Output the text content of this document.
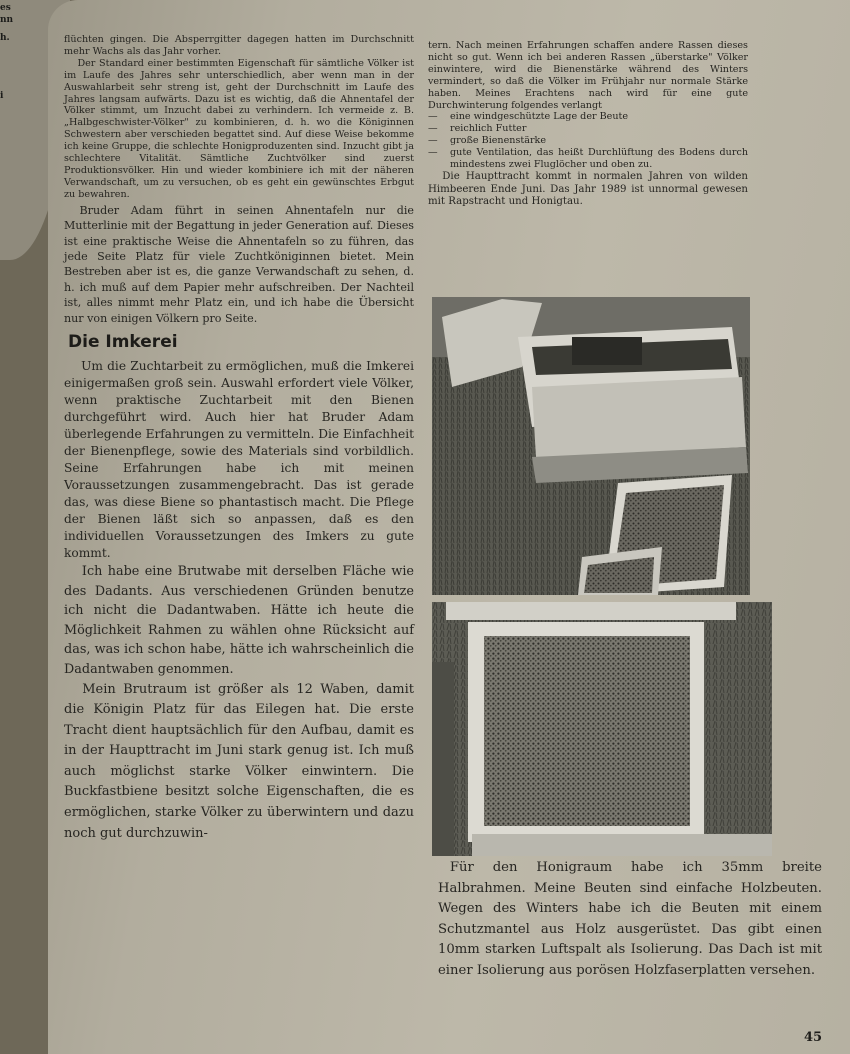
es
nn
h.
i

flüchten gingen. Die Absperrgitter dagegen hatten im Durchschnitt mehr Wachs als das Jahr vorher.

Der Standard einer bestimmten Eigenschaft für sämtliche Völker ist im Laufe des Jahres sehr unterschiedlich, aber wenn man in der Auswahlarbeit sehr streng ist, geht der Durchschnitt im Laufe des Jahres langsam aufwärts. Dazu ist es wichtig, daß die Ahnentafel der Völker stimmt, um Inzucht dabei zu verhindern. Ich vermeide z. B. „Halbgeschwister-Völker" zu kombinieren, d. h. wo die Königinnen Schwestern aber verschieden begattet sind. Auf diese Weise bekomme ich keine Gruppe, die schlechte Honigproduzenten sind. Inzucht gibt ja schlechtere Vitalität. Sämtliche Zuchtvölker sind zuerst Produktionsvölker. Hin und wieder kombiniere ich mit der näheren Verwandschaft, um zu versuchen, ob es geht ein gewünschtes Erbgut zu bewahren.

Bruder Adam führt in seinen Ahnentafeln nur die Mutterlinie mit der Begattung in jeder Generation auf. Dieses ist eine praktische Weise die Ahnentafeln so zu führen, das jede Seite Platz für viele Zuchtköniginnen bietet. Mein Bestreben aber ist es, die ganze Verwandschaft zu sehen, d. h. ich muß auf dem Papier mehr aufschreiben. Der Nachteil ist, alles nimmt mehr Platz ein, und ich habe die Übersicht nur von einigen Völkern pro Seite.

Die Imkerei

Um die Zuchtarbeit zu ermöglichen, muß die Imkerei einigermaßen groß sein. Auswahl erfordert viele Völker, wenn praktische Zuchtarbeit mit den Bienen durchgeführt wird. Auch hier hat Bruder Adam überlegende Erfahrungen zu vermitteln. Die Einfachheit der Bienenpflege, sowie des Materials sind vorbildlich. Seine Erfahrungen habe ich mit meinen Voraussetzungen zusammengebracht. Das ist gerade das, was diese Biene so phantastisch macht. Die Pflege der Bienen läßt sich so anpassen, daß es den individuellen Voraussetzungen des Imkers zu gute kommt.

Ich habe eine Brutwabe mit derselben Fläche wie des Dadants. Aus verschiedenen Gründen benutze ich nicht die Dadantwaben. Hätte ich heute die Möglichkeit Rahmen zu wählen ohne Rücksicht auf das, was ich schon habe, hätte ich wahrscheinlich die Dadantwaben genommen.

Mein Brutraum ist größer als 12 Waben, damit die Königin Platz für das Eilegen hat. Die erste Tracht dient hauptsächlich für den Aufbau, damit es in der Haupttracht im Juni stark genug ist. Ich muß auch möglichst starke Völker einwintern. Die Buckfastbiene besitzt solche Eigenschaften, die es ermöglichen, starke Völker zu überwintern und dazu noch gut durchzuwin-

tern. Nach meinen Erfahrungen schaffen andere Rassen dieses nicht so gut. Wenn ich bei anderen Rassen „überstarke" Völker einwintere, wird die Bienenstärke während des Winters vermindert, so daß die Völker im Frühjahr nur normale Stärke haben. Meines Erachtens nach wird für eine gute Durchwinterung folgendes verlangt

— eine windgeschützte Lage der Beute
— reichlich Futter
— große Bienenstärke
— gute Ventilation, das heißt Durchlüftung des Bodens durch mindestens zwei Fluglöcher und oben zu.

Die Haupttracht kommt in normalen Jahren von wilden Himbeeren Ende Juni. Das Jahr 1989 ist unnormal gewesen mit Rapstracht und Honigtau.

Für den Honigraum habe ich 35mm breite Halbrahmen. Meine Beuten sind einfache Holzbeuten. Wegen des Winters habe ich die Beuten mit einem Schutzmantel aus Holz ausgerüstet. Das gibt einen 10mm starken Luftspalt als Isolierung. Das Dach ist mit einer Isolierung aus porösen Holzfaserplatten versehen.

45
